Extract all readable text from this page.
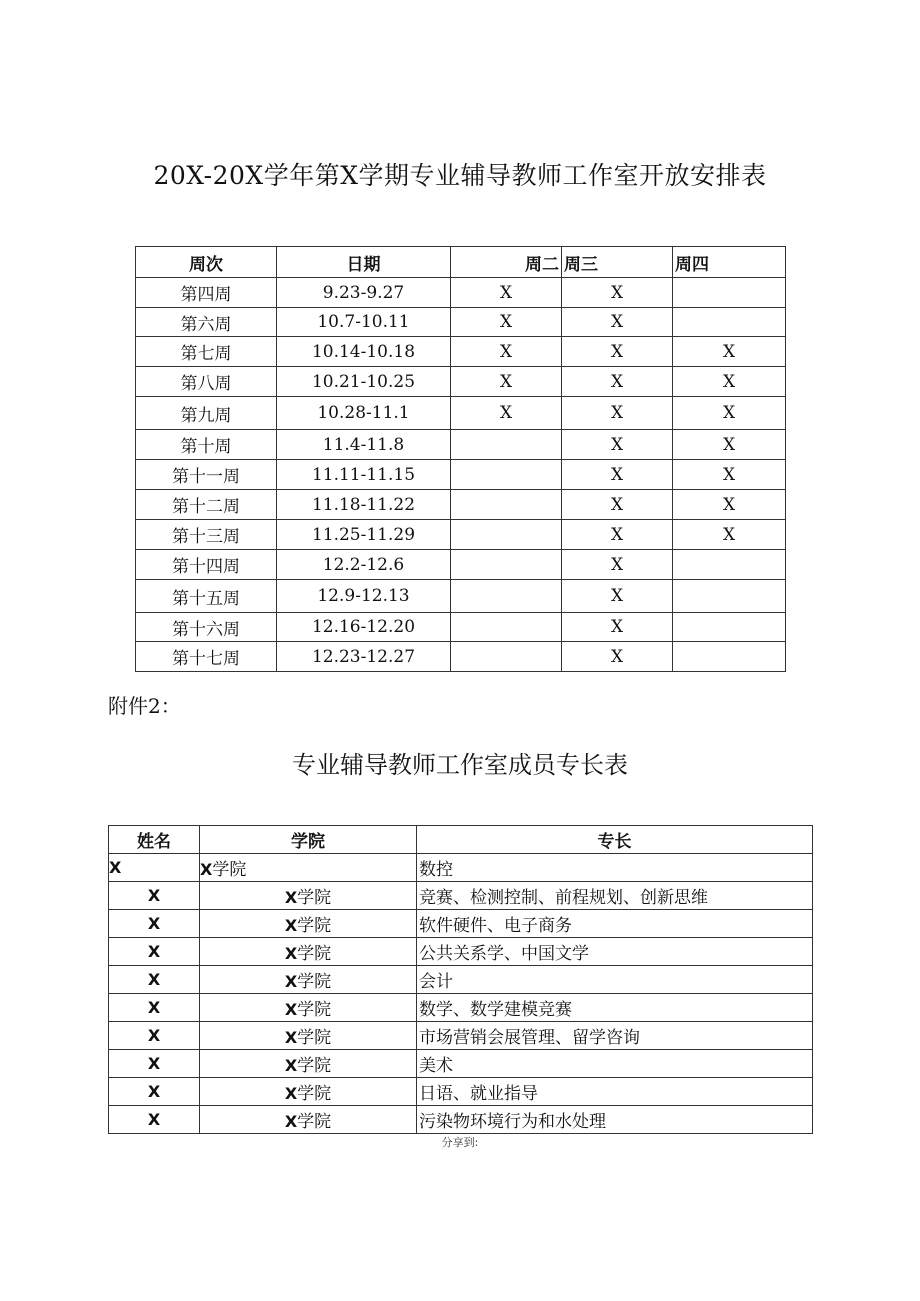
20X-20X学年第X学期专业辅导教师工作室开放安排表
周次	日期	周二	周三	周四
第四周	9.23-9.27	X	X	
第六周	10.7-10.11	X	X	
第七周	10.14-10.18	X	X	X
第八周	10.21-10.25	X	X	X
第九周	10.28-11.1	X	X	X
第十周	11.4-11.8		X	X
第十一周	11.11-11.15		X	X
第十二周	11.18-11.22		X	X
第十三周	11.25-11.29		X	X
第十四周	12.2-12.6		X	
第十五周	12.9-12.13		X	
第十六周	12.16-12.20		X	
第十七周	12.23-12.27		X	
附件2：
专业辅导教师工作室成员专长表
姓名	学院	专长
X	X学院	数控
X	X学院	竞赛、检测控制、前程规划、创新思维
X	X学院	软件硬件、电子商务
X	X学院	公共关系学、中国文学
X	X学院	会计
X	X学院	数学、数学建模竞赛
X	X学院	市场营销会展管理、留学咨询
X	X学院	美术
X	X学院	日语、就业指导
X	X学院	污染物环境行为和水处理
分享到:
